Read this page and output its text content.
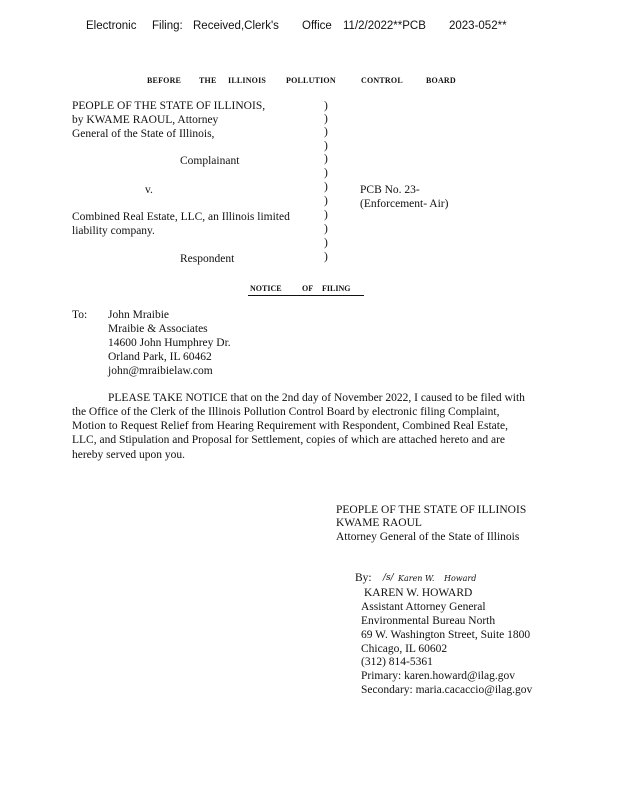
Electronic Filing: Received,Clerk's Office 11/2/2022**PCB 2023-052**
BEFORE THE ILLINOIS POLLUTION	CONTROL	BOARD
PEOPLE OF THE STATE OF ILLINOIS,
by KWAME RAOUL, Attorney
General of the State of Illinois,
Complainant
v.	PCB No. 23-
(Enforcement- Air)
Combined Real Estate, LLC, an Illinois limited
liability company.
Respondent
)
)
)
)
)
)
)
)
)
)
)
)
NOTICE	OF FILING
To: John Mraibie
Mraibie & Associates
14600 John Humphrey Dr.
Orland Park, IL 60462
john@mraibielaw.com
PLEASE TAKE NOTICE that on the 2nd day of November 2022, I caused to be filed with
the Office of the Clerk of the Illinois Pollution Control Board by electronic filing Complaint,
Motion to Request Relief from Hearing Requirement with Respondent, Combined Real Estate,
LLC, and Stipulation and Proposal for Settlement, copies of which are attached hereto and are
hereby served upon you.
PEOPLE OF THE STATE OF ILLINOIS
KWAME RAOUL
Attorney General of the State of Illinois
By: /s/ Karen W. Howard
KAREN W. HOWARD
Assistant Attorney General
Environmental Bureau North
69 W. Washington Street, Suite 1800
Chicago, IL 60602
(312) 814-5361
Primary: karen.howard@ilag.gov
Secondary: maria.cacaccio@ilag.gov
